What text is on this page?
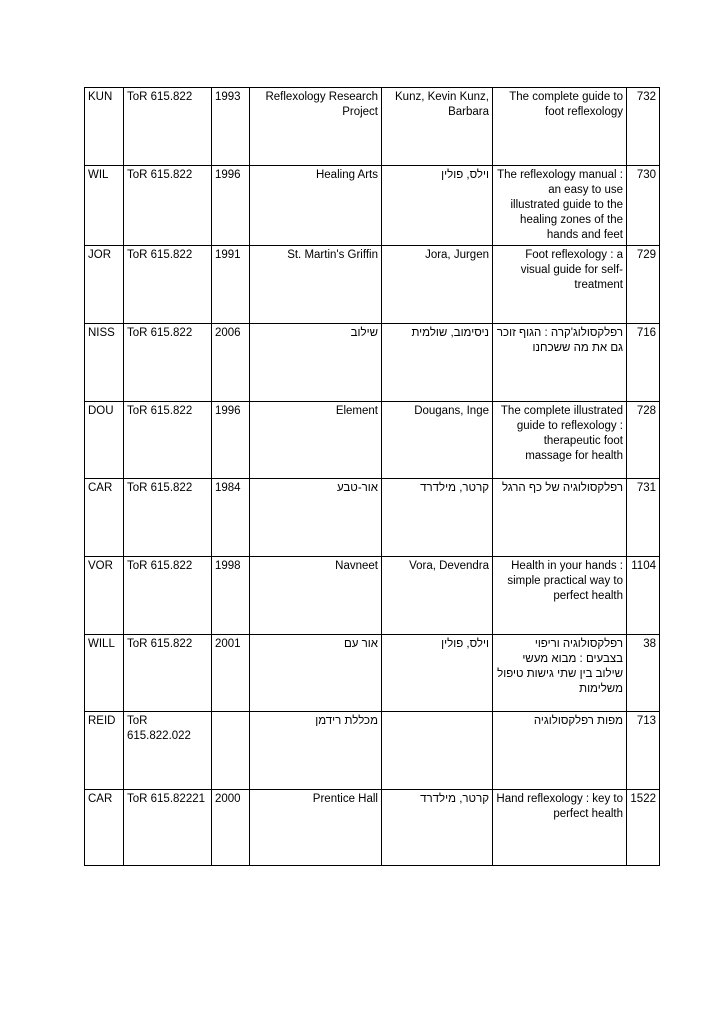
KUN	ToR 615.822	1993	Reflexology Research Project	Kunz, Kevin Kunz, Barbara	The complete guide to foot reflexology	732
WIL	ToR 615.822	1996	Healing Arts	וילס, פולין	The reflexology manual : an easy to use illustrated guide to the healing zones of the hands and feet	730
JOR	ToR 615.822	1991	St. Martin's Griffin	Jora, Jurgen	Foot reflexology : a visual guide for self-treatment	729
NISS	ToR 615.822	2006	שילוב	ניסימוב, שולמית	רפלקסולוג'קרה : הגוף זוכר גם את מה ששכחנו	716
DOU	ToR 615.822	1996	Element	Dougans, Inge	The complete illustrated guide to reflexology : therapeutic foot massage for health	728
CAR	ToR 615.822	1984	אור-טבע	קרטר, מילדרד	רפלקסולוגיה של כף הרגל	731
VOR	ToR 615.822	1998	Navneet	Vora, Devendra	Health in your hands : simple practical way to perfect health	1104
WILL	ToR 615.822	2001	אור עם	וילס, פולין	רפלקסולוגיה וריפוי בצבעים : מבוא מעשי שילוב בין שתי גישות טיפול משלימות	38
REID	ToR 615.822.022		מכללת רידמן		מפות רפלקסולוגיה	713
CAR	ToR 615.82221	2000	Prentice Hall	קרטר, מילדרד	Hand reflexology : key to perfect health	1522
